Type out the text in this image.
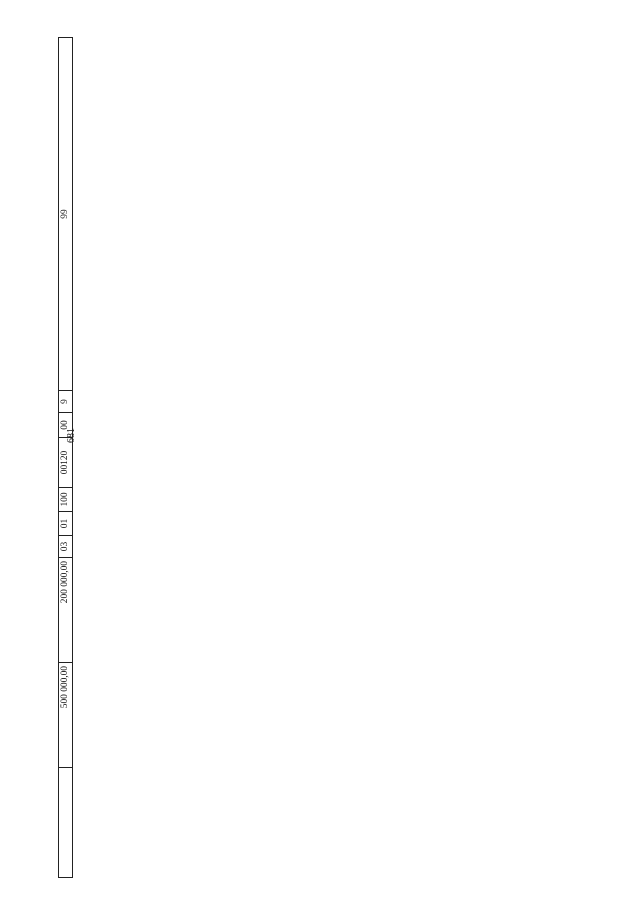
681
	500 000,00	200 000,00	03	01	100	00120	00	9	99
